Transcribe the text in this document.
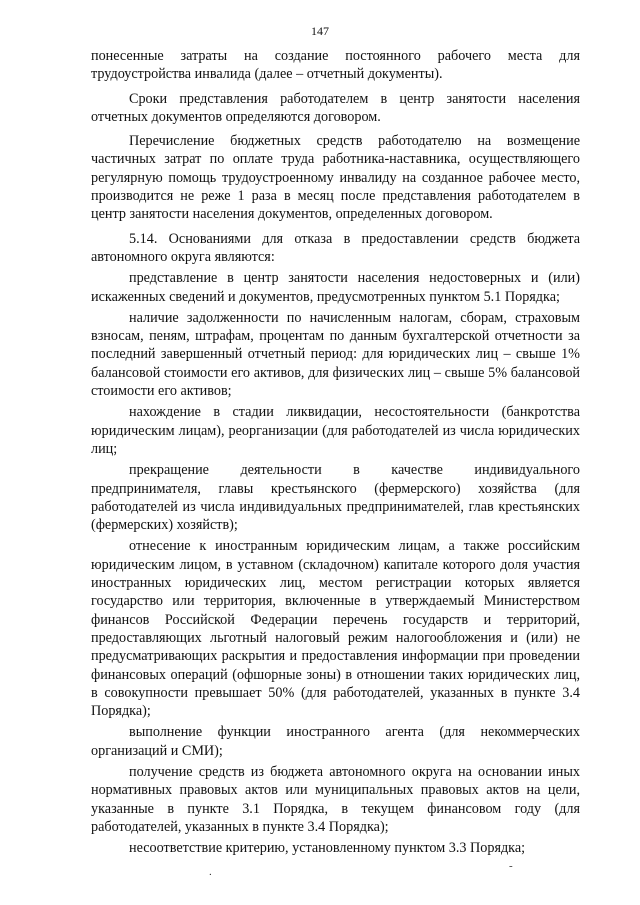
147

понесенные затраты на создание постоянного рабочего места для трудоустройства инвалида (далее – отчетный документы).

Сроки представления работодателем в центр занятости населения отчетных документов определяются договором.

Перечисление бюджетных средств работодателю на возмещение частичных затрат по оплате труда работника-наставника, осуществляющего регулярную помощь трудоустроенному инвалиду на созданное рабочее место, производится не реже 1 раза в месяц после представления работодателем в центр занятости населения документов, определенных договором.

5.14. Основаниями для отказа в предоставлении средств бюджета автономного округа являются:

представление в центр занятости населения недостоверных и (или) искаженных сведений и документов, предусмотренных пунктом 5.1 Порядка;

наличие задолженности по начисленным налогам, сборам, страховым взносам, пеням, штрафам, процентам по данным бухгалтерской отчетности за последний завершенный отчетный период: для юридических лиц – свыше 1% балансовой стоимости его активов, для физических лиц – свыше 5% балансовой стоимости его активов;

нахождение в стадии ликвидации, несостоятельности (банкротства юридическим лицам), реорганизации (для работодателей из числа юридических лиц;

прекращение деятельности в качестве индивидуального предпринимателя, главы крестьянского (фермерского) хозяйства (для работодателей из числа индивидуальных предпринимателей, глав крестьянских (фермерских) хозяйств);

отнесение к иностранным юридическим лицам, а также российским юридическим лицом, в уставном (складочном) капитале которого доля участия иностранных юридических лиц, местом регистрации которых является государство или территория, включенные в утверждаемый Министерством финансов Российской Федерации перечень государств и территорий, предоставляющих льготный налоговый режим налогообложения и (или) не предусматривающих раскрытия и предоставления информации при проведении финансовых операций (офшорные зоны) в отношении таких юридических лиц, в совокупности превышает 50% (для работодателей, указанных в пункте 3.4 Порядка);

выполнение функции иностранного агента (для некоммерческих организаций и СМИ);

получение средств из бюджета автономного округа на основании иных нормативных правовых актов или муниципальных правовых актов на цели, указанные в пункте 3.1 Порядка, в текущем финансовом году (для работодателей, указанных в пункте 3.4 Порядка);

несоответствие критерию, установленному пунктом 3.3 Порядка;

.	-
